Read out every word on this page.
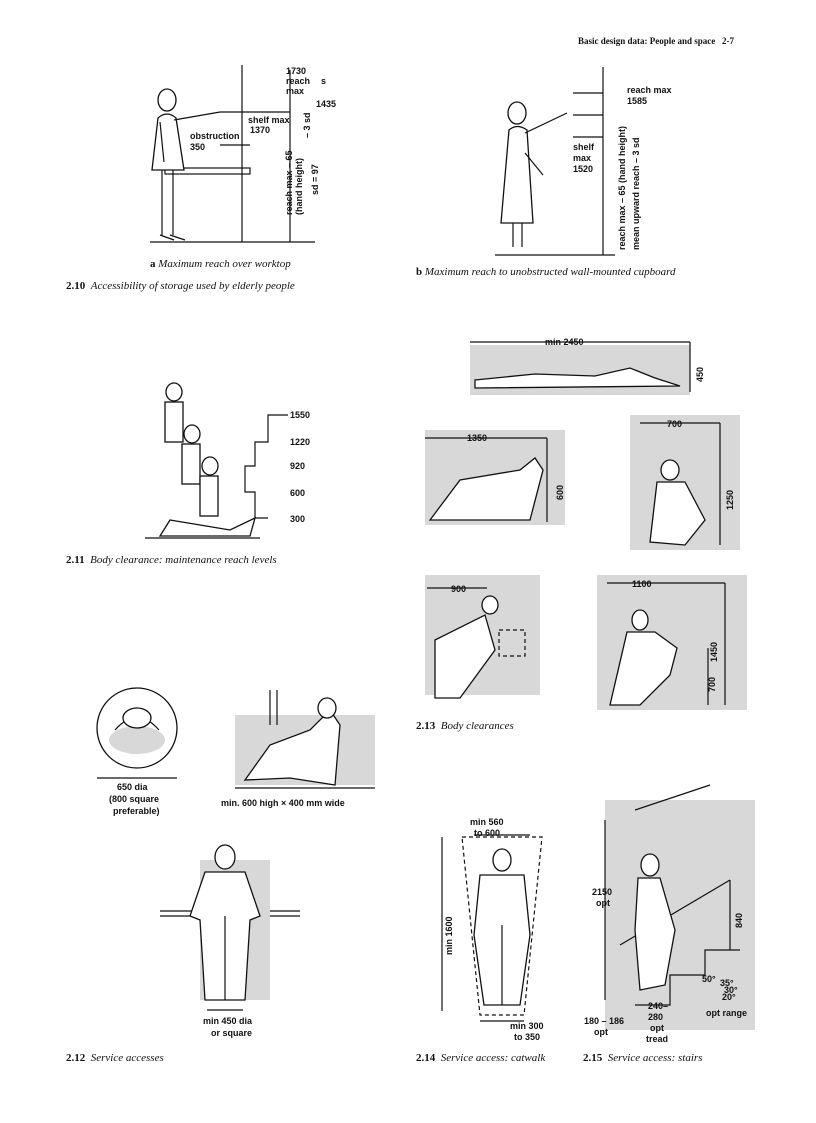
Basic design data: People and space 2-7
1730
reach s
max
1435
shelf max
1370
obstruction
350
reach max – 65 (hand height)
– 3 sd
sd = 97
a Maximum reach over worktop
reach max
1585
shelf
max
1520	reach max – 65 (hand height) mean upward reach – 3 sd
b Maximum reach to unobstructed wall-mounted cupboard
2.10 Accessibility of storage used by elderly people
1550
1220
920
600
300
2.11 Body clearance: maintenance reach levels
min 2450
450
1350
600
700
1250
900	1100
1450
700
2.13 Body clearances
650 dia
(800 square
preferable)
min. 600 high × 400 mm wide
min 450 dia
or square
2.12 Service accesses
min 560
to 600
min 1600
min 300
to 350
2.14 Service access: catwalk
2150
opt
840
50° 35°
30°
20°
opt range
180 – 186
opt
240–
280
opt
tread
2.15 Service access: stairs
